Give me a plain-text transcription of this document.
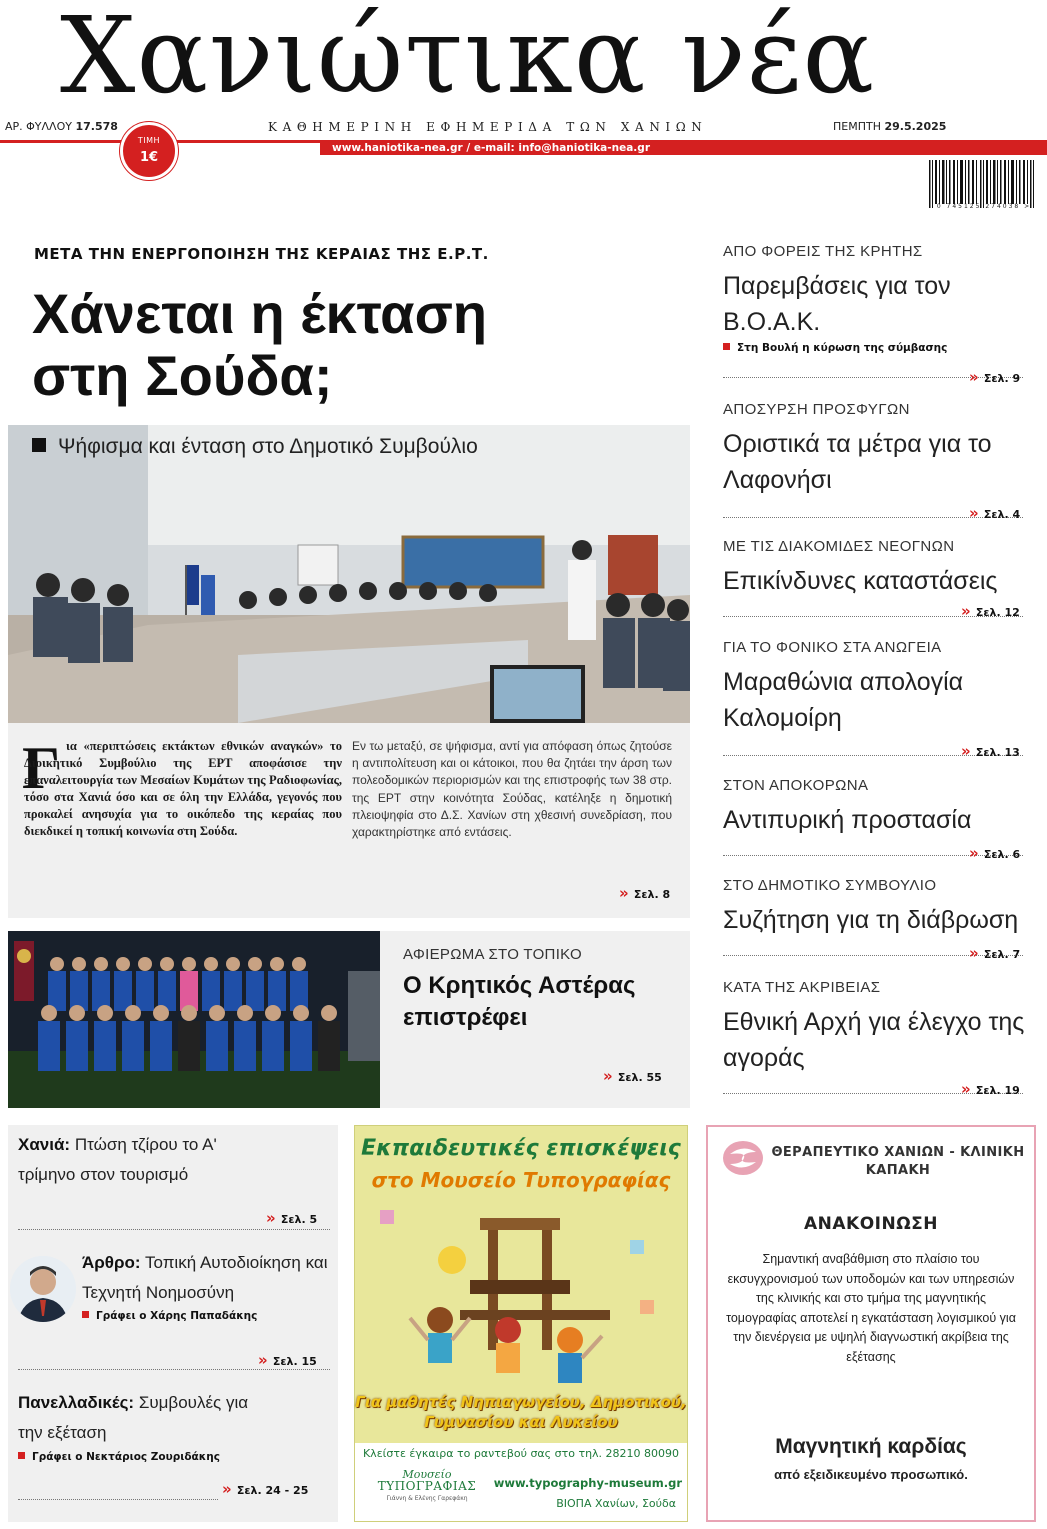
Χανιώτικα νέα
ΑΡ. ΦΥΛΛΟΥ 17.578	ΚΑΘΗΜΕΡΙΝΗ ΕΦΗΜΕΡΙΔΑ ΤΩΝ ΧΑΝΙΩΝ	ΠΕΜΠΤΗ 29.5.2025
www.haniotika-nea.gr / e-mail: info@haniotika-nea.gr
ΤΙΜΗ
1€
0 745125 274038 >
ΜΕΤΑ ΤΗΝ ΕΝΕΡΓΟΠΟΙΗΣΗ ΤΗΣ ΚΕΡΑΙΑΣ ΤΗΣ Ε.Ρ.Τ.
Χάνεται η έκταση
στη Σούδα;
Ψήφισμα και ένταση στο Δημοτικό Συμβούλιο
Γ ια «περιπτώσεις εκτάκτων εθνικών αναγκών» το Διοικητικό Συμβούλιο της ΕΡΤ αποφάσισε την επαναλειτουργία των Μεσαίων Κυμάτων της Ραδιοφωνίας, τόσο στα Χανιά όσο και σε όλη την Ελλάδα, γεγονός που προκαλεί ανησυχία για το οικόπεδο της κεραίας που διεκδικεί η τοπική κοινωνία στη Σούδα.
Εν τω μεταξύ, σε ψήφισμα, αντί για απόφαση όπως ζητούσε η αντιπολίτευση και οι κάτοικοι, που θα ζητάει την άρση των πολεοδομικών περιορισμών και της επιστροφής των 38 στρ. της ΕΡΤ στην κοινότητα Σούδας, κατέληξε η δημοτική πλειοψηφία στο Δ.Σ. Χανίων στη χθεσινή συνεδρίαση, που χαρακτηρίστηκε από εντάσεις.
» Σελ. 8
ΑΦΙΕΡΩΜΑ ΣΤΟ ΤΟΠΙΚΟ
Ο Κρητικός Αστέρας επιστρέφει
» Σελ. 55
ΑΠΟ ΦΟΡΕΙΣ ΤΗΣ ΚΡΗΤΗΣ
Παρεμβάσεις για τον Β.Ο.Α.Κ.
Στη Βουλή η κύρωση της σύμβασης
» Σελ. 9
ΑΠΟΣΥΡΣΗ ΠΡΟΣΦΥΓΩΝ
Οριστικά τα μέτρα για το Λαφονήσι
» Σελ. 4
ΜΕ ΤΙΣ ΔΙΑΚΟΜΙΔΕΣ ΝΕΟΓΝΩΝ
Επικίνδυνες καταστάσεις
» Σελ. 12
ΓΙΑ ΤΟ ΦΟΝΙΚΟ ΣΤΑ ΑΝΩΓΕΙΑ
Μαραθώνια απολογία Καλομοίρη
» Σελ. 13
ΣΤΟΝ ΑΠΟΚΟΡΩΝΑ
Αντιπυρική προστασία
» Σελ. 6
ΣΤΟ ΔΗΜΟΤΙΚΟ ΣΥΜΒΟΥΛΙΟ
Συζήτηση για τη διάβρωση
» Σελ. 7
ΚΑΤΑ ΤΗΣ ΑΚΡΙΒΕΙΑΣ
Εθνική Αρχή για έλεγχο της αγοράς
» Σελ. 19
Χανιά: Πτώση τζίρου το Α' τρίμηνο στον τουρισμό
» Σελ. 5
Άρθρο: Τοπική Αυτοδιοίκηση και Τεχνητή Νοημοσύνη
Γράφει ο Χάρης Παπαδάκης
» Σελ. 15
Πανελλαδικές: Συμβουλές για την εξέταση
Γράφει ο Νεκτάριος Ζουριδάκης
» Σελ. 24 - 25
Εκπαιδευτικές επισκέψεις
στο Μουσείο Τυπογραφίας
Για μαθητές Νηπιαγωγείου, Δημοτικού, Γυμνασίου και Λυκείου
Κλείστε έγκαιρα το ραντεβού σας στο τηλ. 28210 80090
Μουσείο
ΤΥΠΟΓΡΑΦΙΑΣ
Γιάννη & Ελένης Γαρεφάκη
www.typography-museum.gr
ΒΙΟΠΑ Χανίων, Σούδα
ΘΕΡΑΠΕΥΤΙΚΟ ΧΑΝΙΩΝ - ΚΛΙΝΙΚΗ ΚΑΠΑΚΗ
ΑΝΑΚΟΙΝΩΣΗ
Σημαντική αναβάθμιση στο πλαίσιο του εκσυγχρονισμού των υποδομών και των υπηρεσιών της κλινικής και στο τμήμα της μαγνητικής τομογραφίας αποτελεί η εγκατάσταση λογισμικού για την διενέργεια με υψηλή διαγνωστική ακρίβεια της εξέτασης
Μαγνητική καρδίας
από εξειδικευμένο προσωπικό.
